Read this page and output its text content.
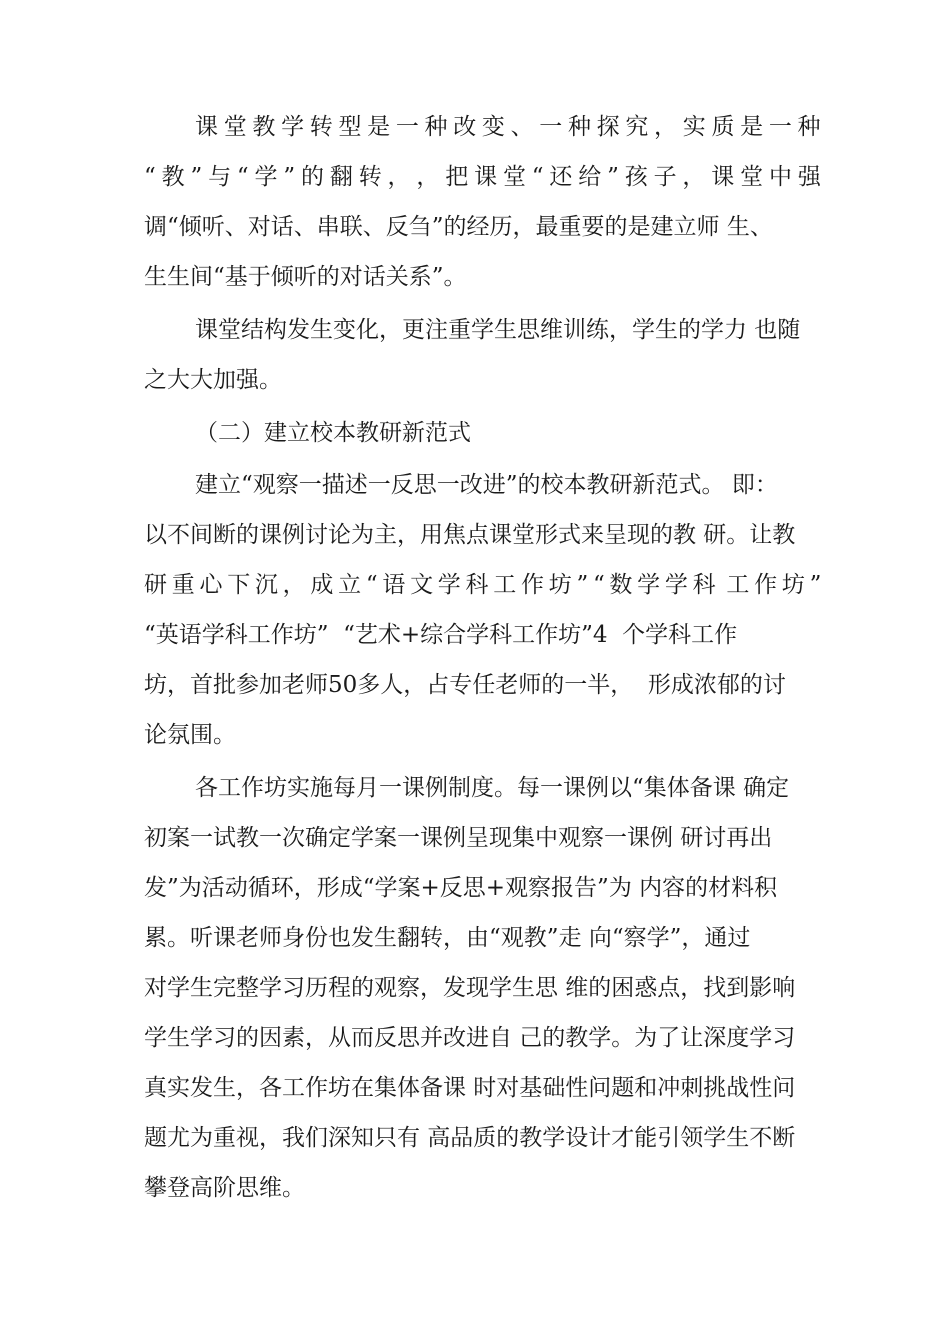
课 堂 教 学 转 型 是 一 种 改 变 、 一 种 探 究 ， 实 质 是 一 种

“ 教 ” 与 “ 学 ” 的 翻 转 ， ， 把 课 堂 “ 还 给 ” 孩 子 ， 课 堂 中 强

调“倾听、对话、串联、反刍”的经历，最重要的是建立师 生、

生生间“基于倾听的对话关系”。

课堂结构发生变化，更注重学生思维训练，学生的学力 也随

之大大加强。

（二）建立校本教研新范式

建立“观察一描述一反思一改进”的校本教研新范式。 即：

以不间断的课例讨论为主，用焦点课堂形式来呈现的教 研。让教

研 重 心 下 沉 ， 成 立 “ 语 文 学 科 工 作 坊 ” “ 数 学 学 科  工 作 坊 ”

“英语学科工作坊”  “艺术+综合学科工作坊”4  个学科工作

坊，首批参加老师50多人，占专任老师的一半，  形成浓郁的讨

论氛围。

各工作坊实施每月一课例制度。每一课例以“集体备课 确定

初案一试教一次确定学案一课例呈现集中观察一课例 研讨再出

发”为活动循环，形成“学案+反思+观察报告”为 内容的材料积

累。听课老师身份也发生翻转，由“观教”走 向“察学”，通过

对学生完整学习历程的观察，发现学生思 维的困惑点，找到影响

学生学习的因素，从而反思并改进自 己的教学。为了让深度学习

真实发生，各工作坊在集体备课 时对基础性问题和冲刺挑战性问

题尤为重视，我们深知只有 高品质的教学设计才能引领学生不断

攀登高阶思维。
